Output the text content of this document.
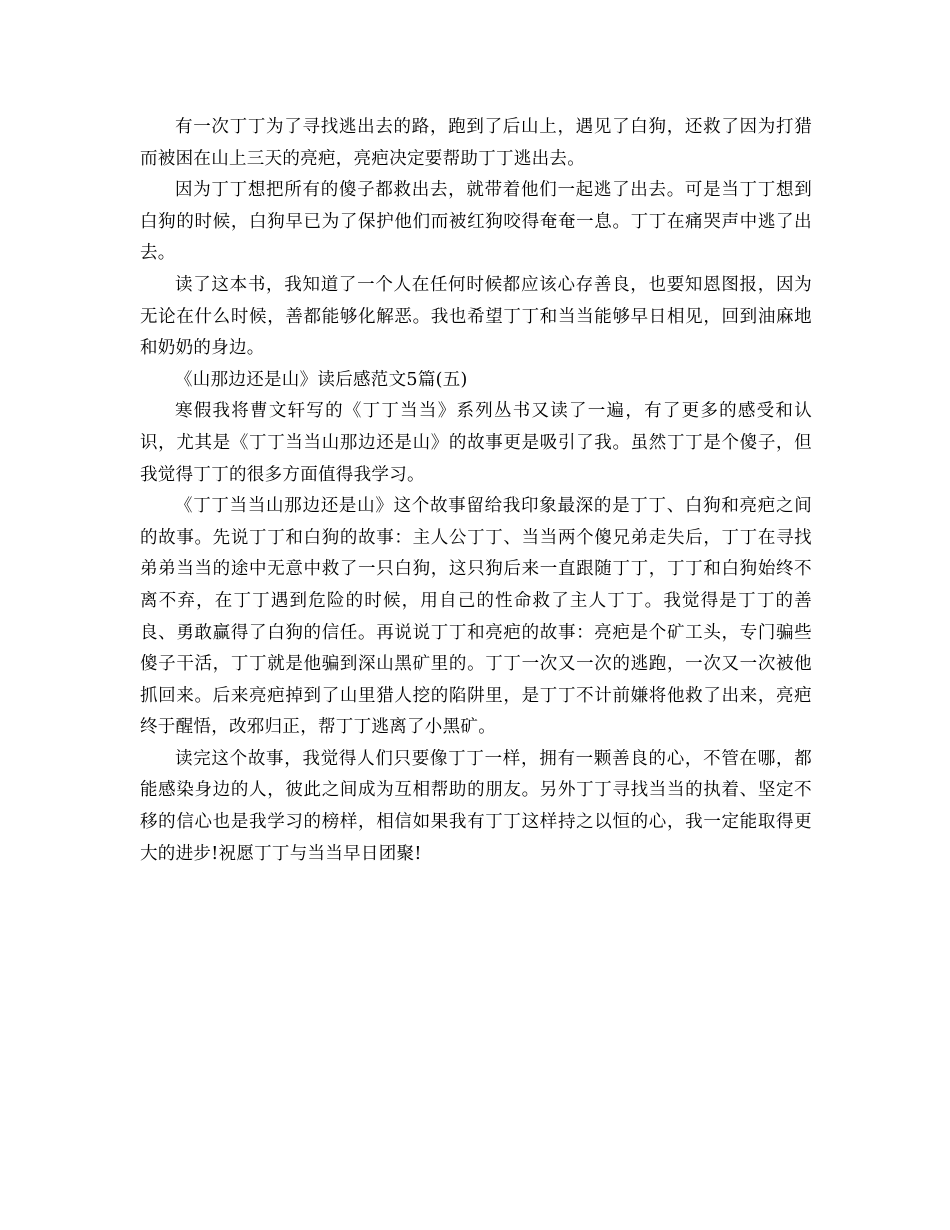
有一次丁丁为了寻找逃出去的路，跑到了后山上，遇见了白狗，还救了因为打猎而被困在山上三天的亮疤，亮疤决定要帮助丁丁逃出去。

因为丁丁想把所有的傻子都救出去，就带着他们一起逃了出去。可是当丁丁想到白狗的时候，白狗早已为了保护他们而被红狗咬得奄奄一息。丁丁在痛哭声中逃了出去。

读了这本书，我知道了一个人在任何时候都应该心存善良，也要知恩图报，因为无论在什么时候，善都能够化解恶。我也希望丁丁和当当能够早日相见，回到油麻地和奶奶的身边。

《山那边还是山》读后感范文5篇(五)

寒假我将曹文轩写的《丁丁当当》系列丛书又读了一遍，有了更多的感受和认识，尤其是《丁丁当当山那边还是山》的故事更是吸引了我。虽然丁丁是个傻子，但我觉得丁丁的很多方面值得我学习。

《丁丁当当山那边还是山》这个故事留给我印象最深的是丁丁、白狗和亮疤之间的故事。先说丁丁和白狗的故事：主人公丁丁、当当两个傻兄弟走失后，丁丁在寻找弟弟当当的途中无意中救了一只白狗，这只狗后来一直跟随丁丁，丁丁和白狗始终不离不弃，在丁丁遇到危险的时候，用自己的性命救了主人丁丁。我觉得是丁丁的善良、勇敢赢得了白狗的信任。再说说丁丁和亮疤的故事：亮疤是个矿工头，专门骗些傻子干活，丁丁就是他骗到深山黑矿里的。丁丁一次又一次的逃跑，一次又一次被他抓回来。后来亮疤掉到了山里猎人挖的陷阱里，是丁丁不计前嫌将他救了出来，亮疤终于醒悟，改邪归正，帮丁丁逃离了小黑矿。

读完这个故事，我觉得人们只要像丁丁一样，拥有一颗善良的心，不管在哪，都能感染身边的人，彼此之间成为互相帮助的朋友。另外丁丁寻找当当的执着、坚定不移的信心也是我学习的榜样，相信如果我有丁丁这样持之以恒的心，我一定能取得更大的进步!祝愿丁丁与当当早日团聚!
